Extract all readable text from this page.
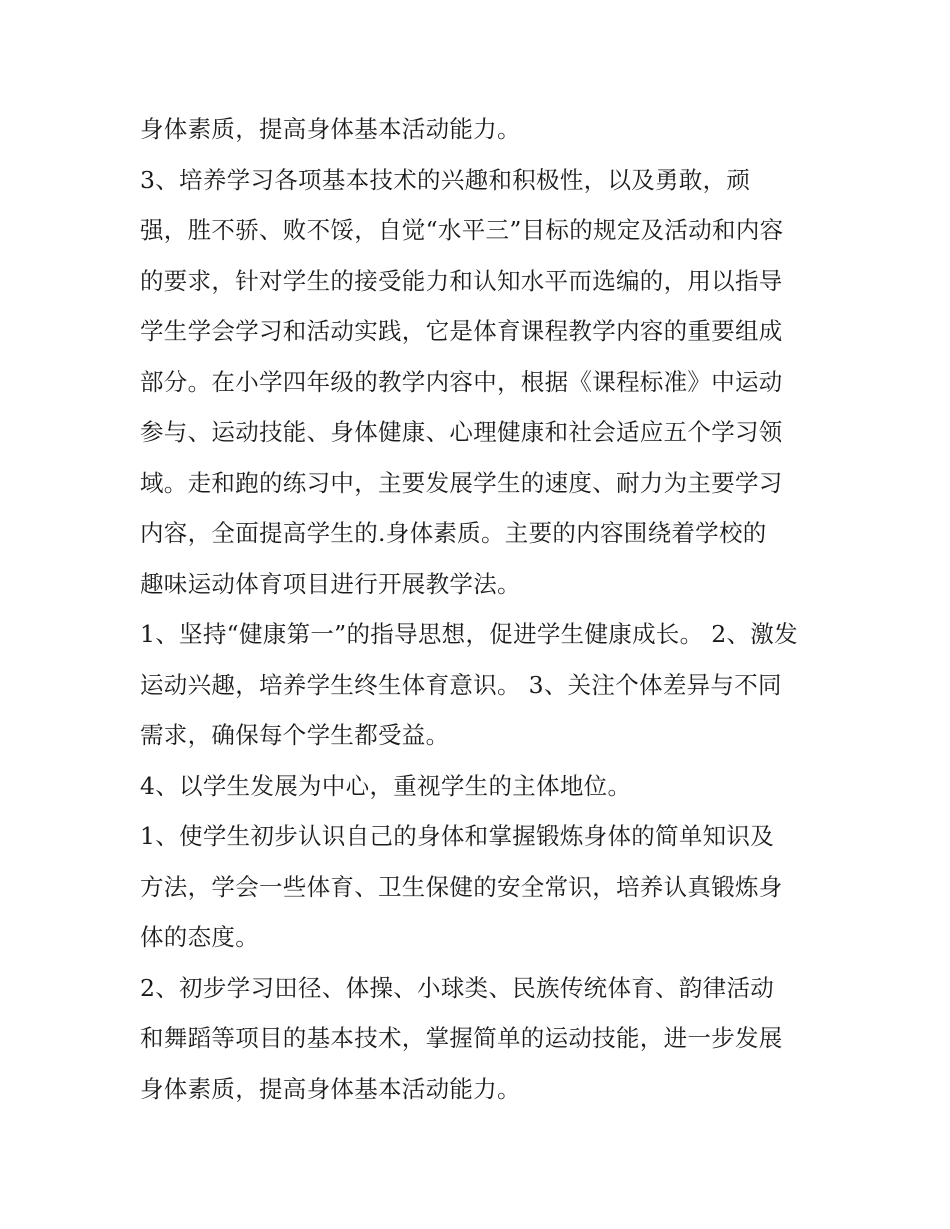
身体素质，提高身体基本活动能力。
3、培养学习各项基本技术的兴趣和积极性，以及勇敢，顽
强，胜不骄、败不馁，自觉“水平三”目标的规定及活动和内容
的要求，针对学生的接受能力和认知水平而选编的，用以指导
学生学会学习和活动实践，它是体育课程教学内容的重要组成
部分。在小学四年级的教学内容中，根据《课程标准》中运动
参与、运动技能、身体健康、心理健康和社会适应五个学习领
域。走和跑的练习中，主要发展学生的速度、耐力为主要学习
内容，全面提高学生的.身体素质。主要的内容围绕着学校的
趣味运动体育项目进行开展教学法。
1、坚持“健康第一”的指导思想，促进学生健康成长。 2、激发
运动兴趣，培养学生终生体育意识。 3、关注个体差异与不同
需求，确保每个学生都受益。
4、以学生发展为中心，重视学生的主体地位。
1、使学生初步认识自己的身体和掌握锻炼身体的简单知识及
方法，学会一些体育、卫生保健的安全常识，培养认真锻炼身
体的态度。
2、初步学习田径、体操、小球类、民族传统体育、韵律活动
和舞蹈等项目的基本技术，掌握简单的运动技能，进一步发展
身体素质，提高身体基本活动能力。
